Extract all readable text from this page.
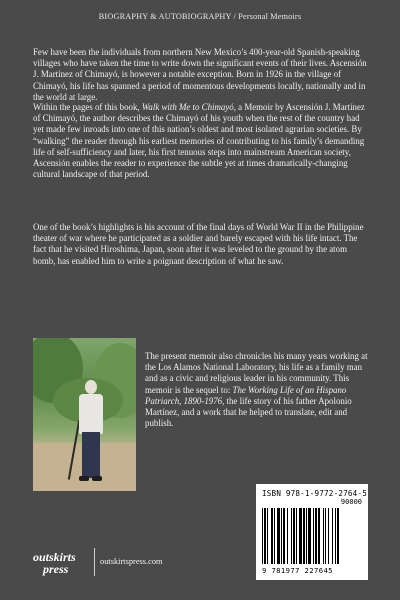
BIOGRAPHY & AUTOBIOGRAPHY / Personal Memoirs

Few have been the individuals from northern New Mexico’s 400-year-old Spanish-speaking villages who have taken the time to write down the significant events of their lives. Ascensión J. Martínez of Chimayó, is however a notable exception. Born in 1926 in the village of Chimayó, his life has spanned a period of momentous developments locally, nationally and in the world at large.

Within the pages of this book, Walk with Me to Chimayó, a Memoir by Ascensión J. Martínez of Chimayó, the author describes the Chimayó of his youth when the rest of the country had yet made few inroads into one of this nation’s oldest and most isolated agrarian societies. By “walking” the reader through his earliest memories of contributing to his family’s demanding life of self-sufficiency and later, his first tenuous steps into mainstream American society, Ascensión enables the reader to experience the subtle yet at times dramatically-changing cultural landscape of that period.

One of the book’s highlights is his account of the final days of World War II in the Philippine theater of war where he participated as a soldier and barely escaped with his life intact. The fact that he visited Hiroshima, Japan, soon after it was leveled to the ground by the atom bomb, has enabled him to write a poignant description of what he saw.

The present memoir also chronicles his many years working at the Los Alamos National Laboratory, his life as a family man and as a civic and religious leader in his community. This memoir is the sequel to: The Working Life of an Hispano Patriarch, 1890-1976, the life story of his father Apolonio Martínez, and a work that he helped to translate, edit and publish.

ISBN 978-1-9772-2764-5
90000
9 781977 227645
outskirts
press
outskirtspress.com
